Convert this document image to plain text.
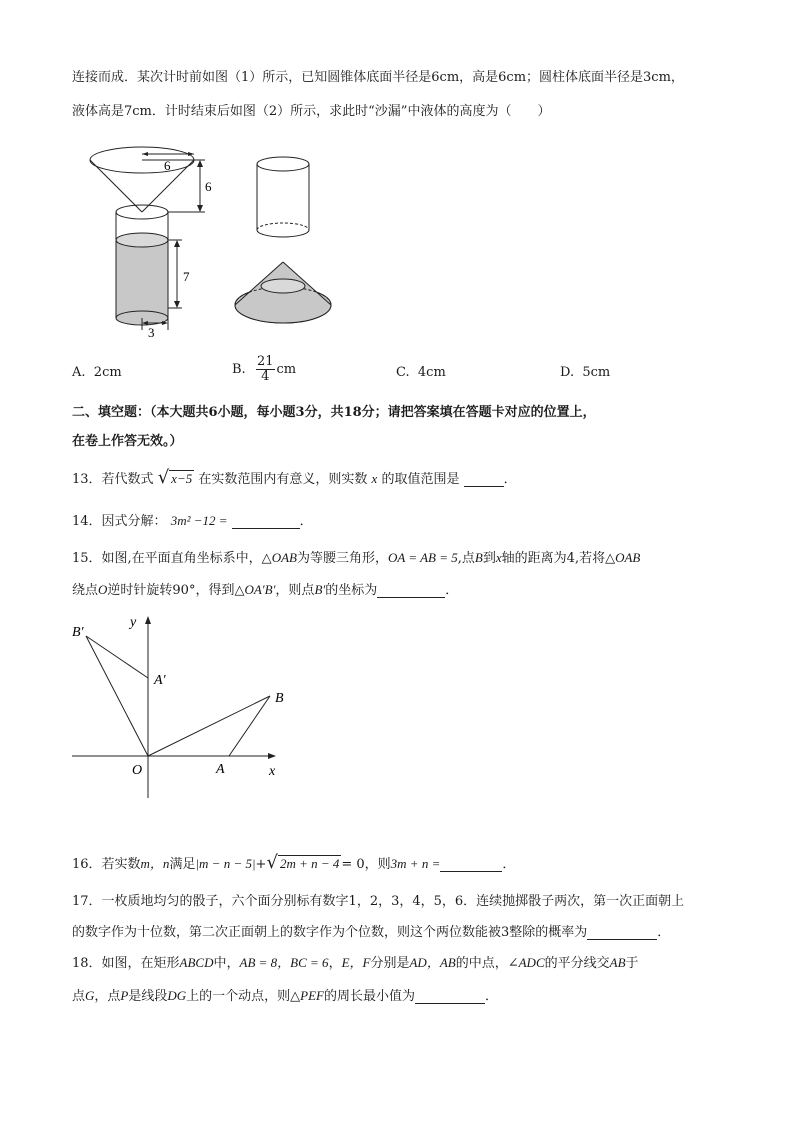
连接而成．某次计时前如图（1）所示，已知圆锥体底面半径是6cm，高是6cm；圆柱体底面半径是3cm，
液体高是7cm．计时结束后如图（2）所示，求此时“沙漏”中液体的高度为（　　）
6
6
7
3
A. 2cm	B. $\frac{21}{4}$ cm	C. 4cm	D. 5cm
二、填空题：（本大题共6小题，每小题3分，共18分；请把答案填在答题卡对应的位置上，
在卷上作答无效。）
13．若代数式 √ x−5 在实数范围内有意义，则实数 x 的取值范围是	．
14．因式分解： 3m² −12 =	．
15．如图,在平面直角坐标系中，△OAB为等腰三角形，OA = AB = 5,点B到x轴的距离为4,若将△OAB
绕点O逆时针旋转90°，得到△OA′B′，则点B′的坐标为	．
B′
y
A′
B
O	A	x
16．若实数m，n满足|m − n − 5|+ √ 2m + n − 4 = 0，则3m + n =	．
17．一枚质地均匀的骰子，六个面分别标有数字1，2，3，4，5，6．连续抛掷骰子两次，第一次正面朝上
的数字作为十位数，第二次正面朝上的数字作为个位数，则这个两位数能被3整除的概率为	．
18．如图，在矩形ABCD中，AB = 8，BC = 6，E，F分别是AD，AB的中点，∠ADC的平分线交AB于
点G，点P是线段DG上的一个动点，则△PEF的周长最小值为	．
